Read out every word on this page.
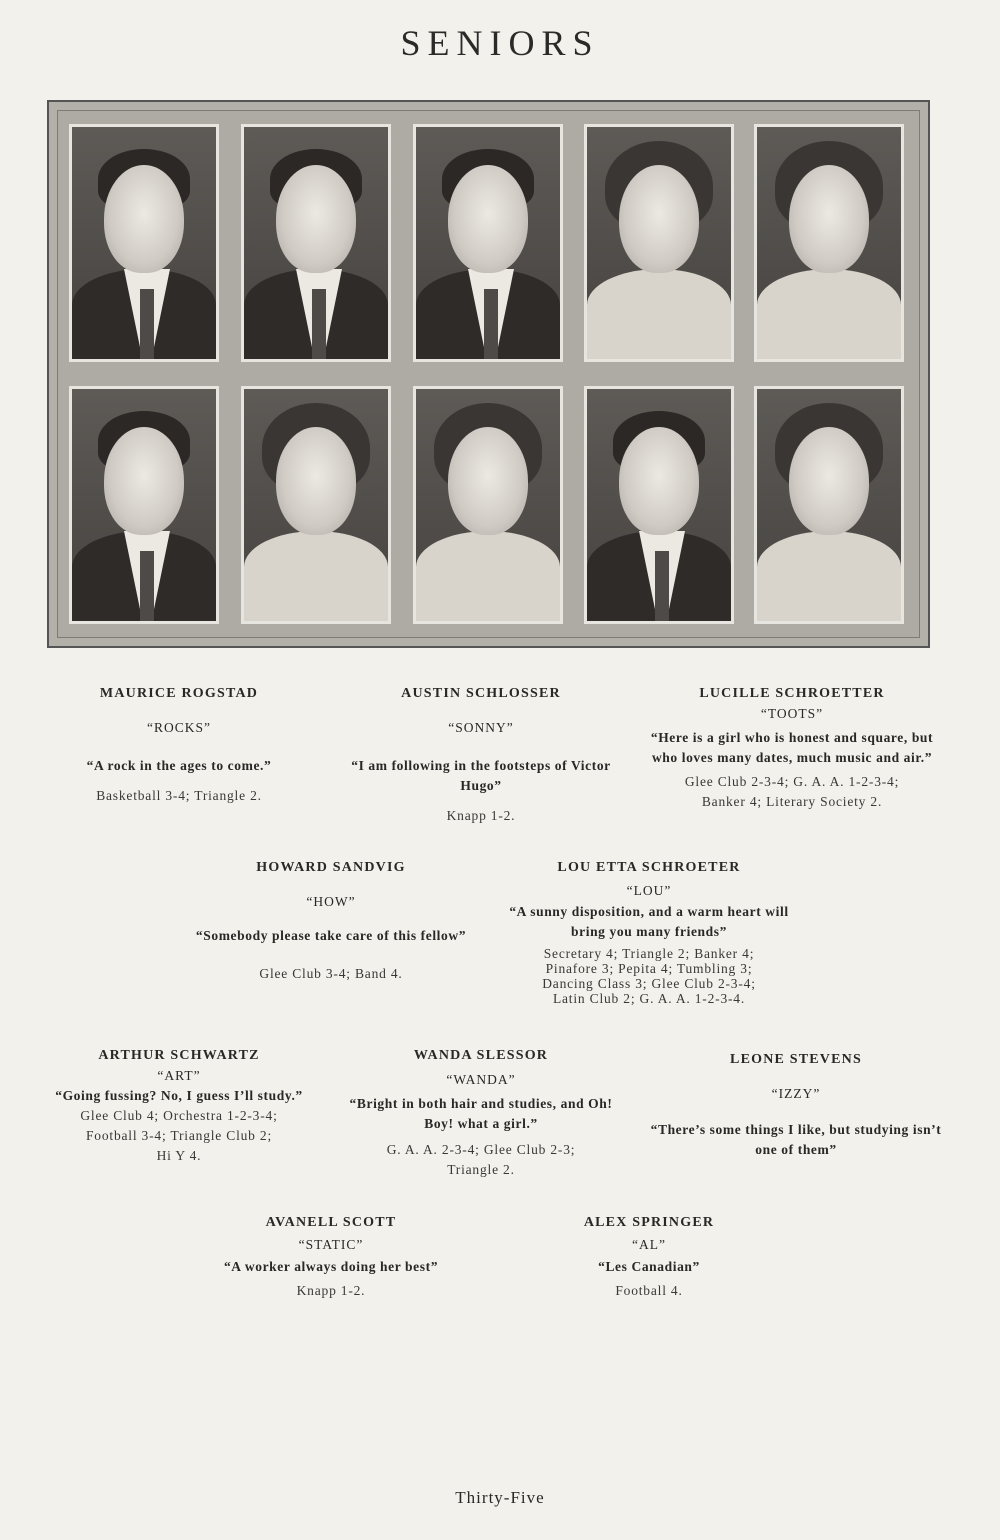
SENIORS
MAURICE ROGSTAD
“ROCKS”
“A rock in the ages to come.”
Basketball 3-4; Triangle 2.
AUSTIN SCHLOSSER
“SONNY”
“I am following in the footsteps of Victor Hugo”
Knapp 1-2.
LUCILLE SCHROETTER
“TOOTS”
“Here is a girl who is honest and square, but who loves many dates, much music and air.”
Glee Club 2-3-4; G. A. A. 1-2-3-4;
Banker 4; Literary Society 2.
HOWARD SANDVIG
“HOW”
“Somebody please take care of this fellow”
Glee Club 3-4; Band 4.
LOU ETTA SCHROETER
“LOU”
“A sunny disposition, and a warm heart will bring you many friends”
Secretary 4; Triangle 2; Banker 4;
Pinafore 3; Pepita 4; Tumbling 3;
Dancing Class 3; Glee Club 2-3-4;
Latin Club 2; G. A. A. 1-2-3-4.
ARTHUR SCHWARTZ
“ART”
“Going fussing? No, I guess I’ll study.”
Glee Club 4; Orchestra 1-2-3-4;
Football 3-4; Triangle Club 2;
Hi Y 4.
WANDA SLESSOR
“WANDA”
“Bright in both hair and studies, and Oh! Boy! what a girl.”
G. A. A. 2-3-4; Glee Club 2-3;
Triangle 2.
LEONE STEVENS
“IZZY”
“There’s some things I like, but studying isn’t one of them”
AVANELL SCOTT
“STATIC”
“A worker always doing her best”
Knapp 1-2.
ALEX SPRINGER
“AL”
“Les Canadian”
Football 4.
Thirty-Five
